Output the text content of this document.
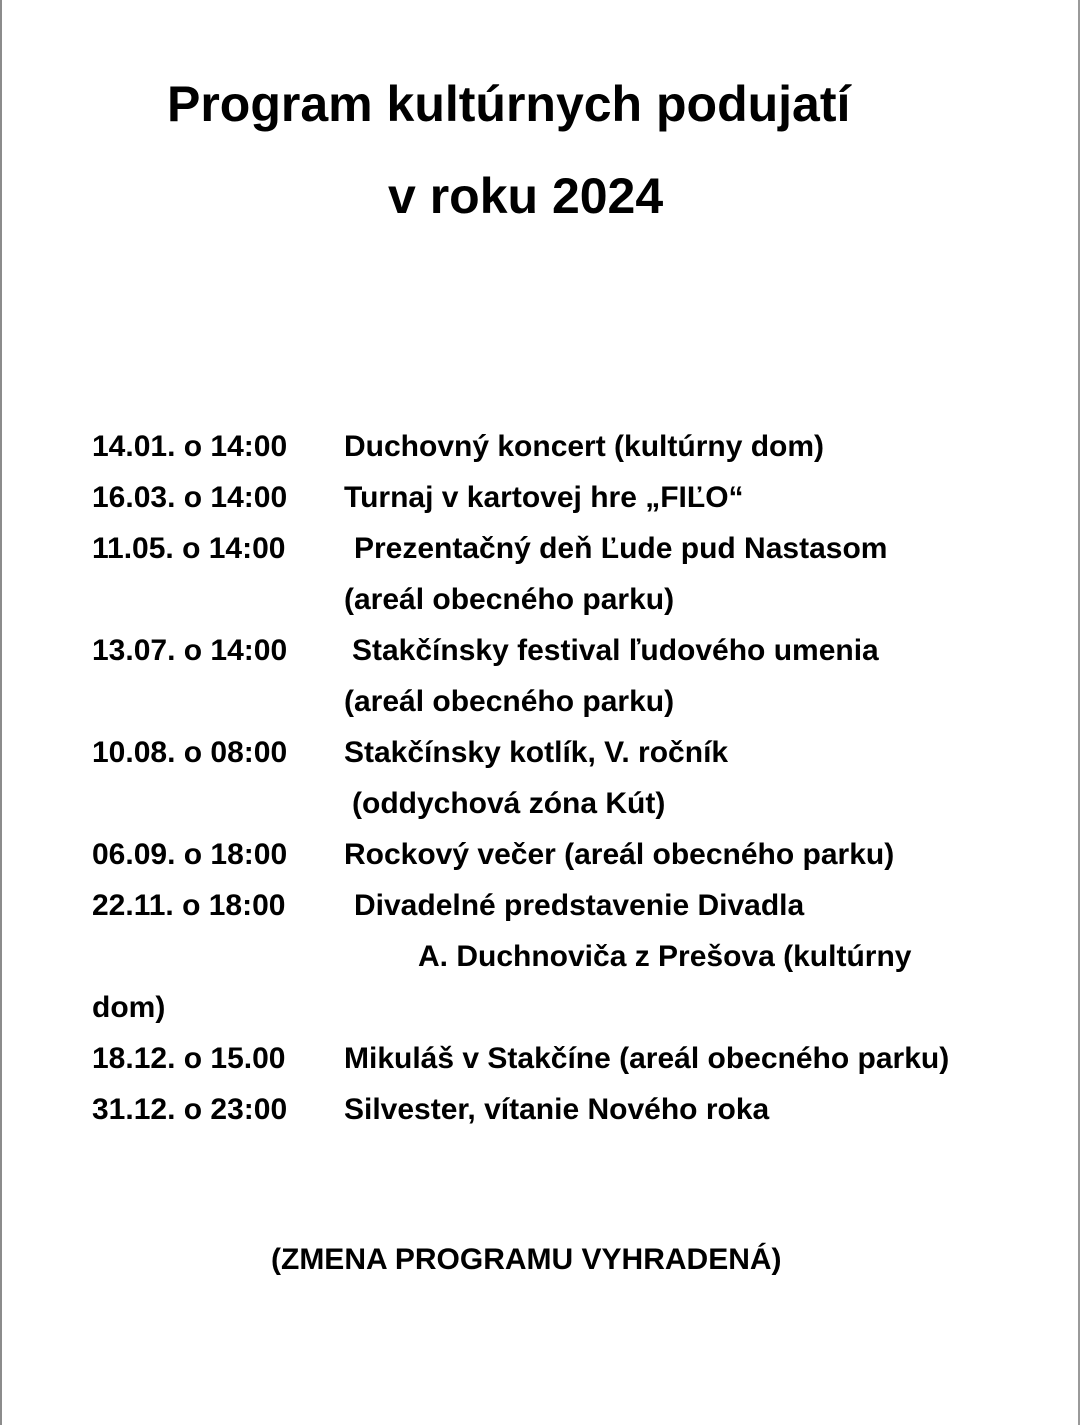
Program kultúrnych podujatí
v roku 2024
14.01. o 14:00 Duchovný koncert (kultúrny dom)
16.03. o 14:00 Turnaj v kartovej hre „FIĽO“
11.05. o 14:00 Prezentačný deň Ľude pud Nastasom
(areál obecného parku)
13.07. o 14:00 Stakčínsky festival ľudového umenia
(areál obecného parku)
10.08. o 08:00 Stakčínsky kotlík, V. ročník
(oddychová zóna Kút)
06.09. o 18:00 Rockový večer (areál obecného parku)
22.11. o 18:00 Divadelné predstavenie Divadla
A. Duchnoviča z Prešova (kultúrny
dom)
18.12. o 15.00 Mikuláš v Stakčíne (areál obecného parku)
31.12. o 23:00 Silvester, vítanie Nového roka
(ZMENA PROGRAMU VYHRADENÁ)
